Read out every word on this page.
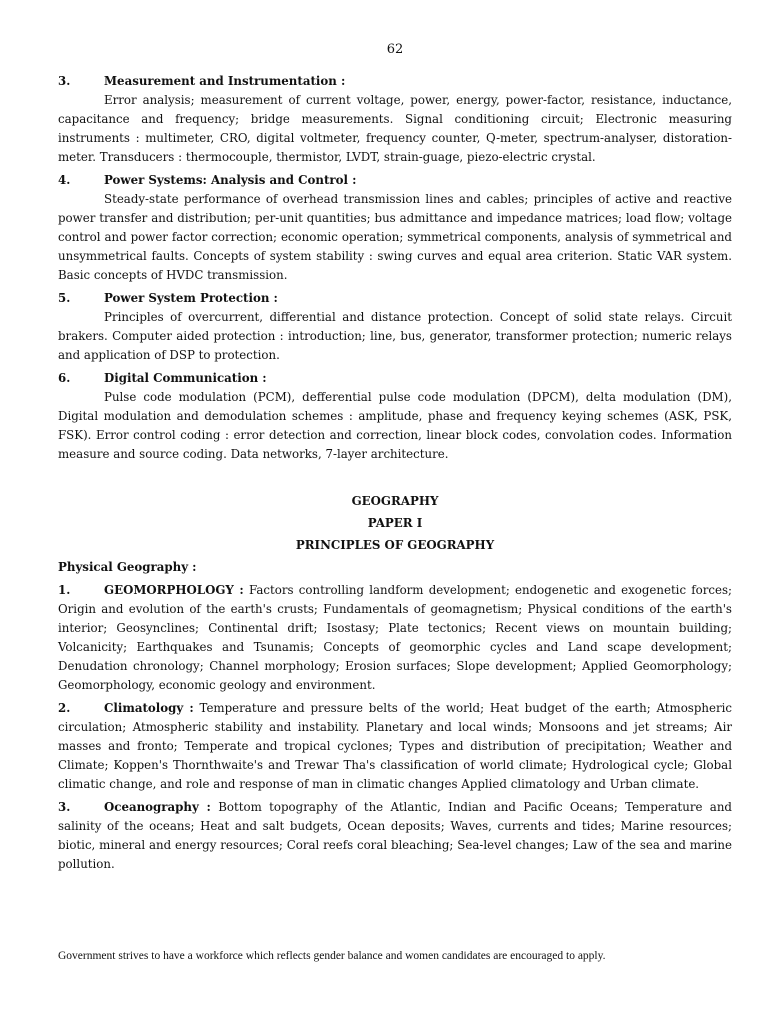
62
3.	Measurement and Instrumentation :
Error analysis; measurement of current voltage, power, energy, power-factor, resistance, inductance, capacitance and frequency; bridge measurements. Signal conditioning circuit; Electronic measuring instruments : multimeter, CRO, digital voltmeter, frequency counter, Q-meter, spectrum-analyser, distoration-meter. Transducers : thermocouple, thermistor, LVDT, strain-guage, piezo-electric crystal.
4.	Power Systems: Analysis and Control :
Steady-state performance of overhead transmission lines and cables; principles of active and reactive power transfer and distribution; per-unit quantities; bus admittance and impedance matrices; load flow; voltage control and power factor correction; economic operation; symmetrical components, analysis of symmetrical and unsymmetrical faults. Concepts of system stability : swing curves and equal area criterion. Static VAR system. Basic concepts of HVDC transmission.
5.	Power System Protection :
Principles of overcurrent, differential and distance protection. Concept of solid state relays. Circuit brakers. Computer aided protection : introduction; line, bus, generator, transformer protection; numeric relays and application of DSP to protection.
6.	Digital Communication :
Pulse code modulation (PCM), defferential pulse code modulation (DPCM), delta modulation (DM), Digital modulation and demodulation schemes : amplitude, phase and frequency keying schemes (ASK, PSK, FSK). Error control coding : error detection and correction, linear block codes, convolation codes. Information measure and source coding. Data networks, 7-layer architecture.
GEOGRAPHY
PAPER I
PRINCIPLES OF GEOGRAPHY
Physical Geography :
1.	GEOMORPHOLOGY : Factors controlling landform development; endogenetic and exogenetic forces; Origin and evolution of the earth's crusts; Fundamentals of geomagnetism; Physical conditions of the earth's interior; Geosynclines; Continental drift; Isostasy; Plate tectonics; Recent views on mountain building; Volcanicity; Earthquakes and Tsunamis; Concepts of geomorphic cycles and Land scape development; Denudation chronology; Channel morphology; Erosion surfaces; Slope development; Applied Geomorphology; Geomorphology, economic geology and environment.
2.	Climatology : Temperature and pressure belts of the world; Heat budget of the earth; Atmospheric circulation; Atmospheric stability and instability. Planetary and local winds; Monsoons and jet streams; Air masses and fronto; Temperate and tropical cyclones; Types and distribution of precipitation; Weather and Climate; Koppen's Thornthwaite's and Trewar Tha's classification of world climate; Hydrological cycle; Global climatic change, and role and response of man in climatic changes Applied climatology and Urban climate.
3.	Oceanography : Bottom topography of the Atlantic, Indian and Pacific Oceans; Temperature and salinity of the oceans; Heat and salt budgets, Ocean deposits; Waves, currents and tides; Marine resources; biotic, mineral and energy resources; Coral reefs coral bleaching; Sea-level changes; Law of the sea and marine pollution.
Government strives to have a workforce which reflects gender balance and women candidates are encouraged to apply.
